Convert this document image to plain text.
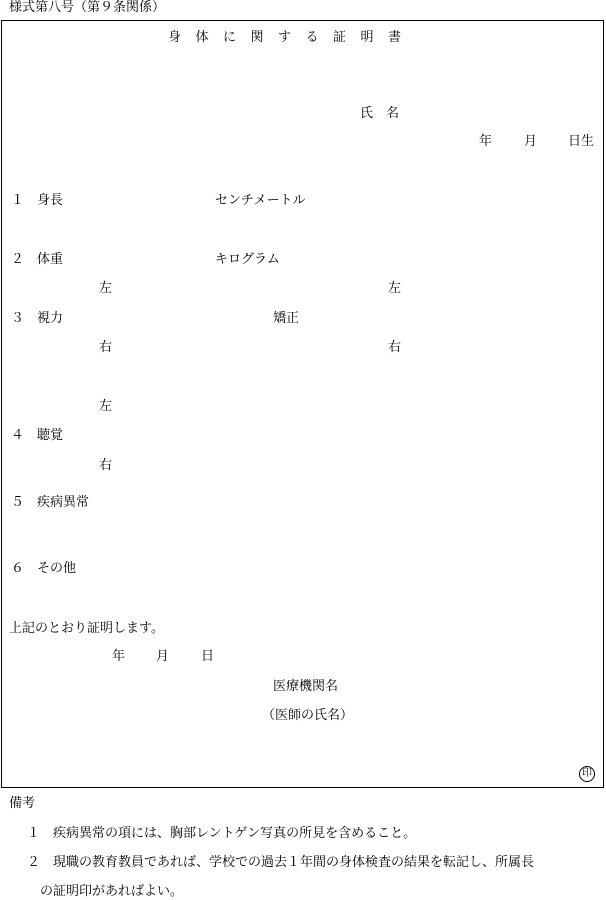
様式第八号（第９条関係）
身体に関する証明書
氏　名
年 月 日生
１　身長	センチメートル
２　体重	キログラム
左	左
３　視力	矯正
右	右
左
４　聴覚
右
５　疾病異常
６　その他
上記のとおり証明します。
年 月 日
医療機関名
（医師の氏名）
印
備考
１　疾病異常の項には、胸部レントゲン写真の所見を含めること。
２　現職の教育教員であれば、学校での過去１年間の身体検査の結果を転記し、所属長
の証明印があればよい。
